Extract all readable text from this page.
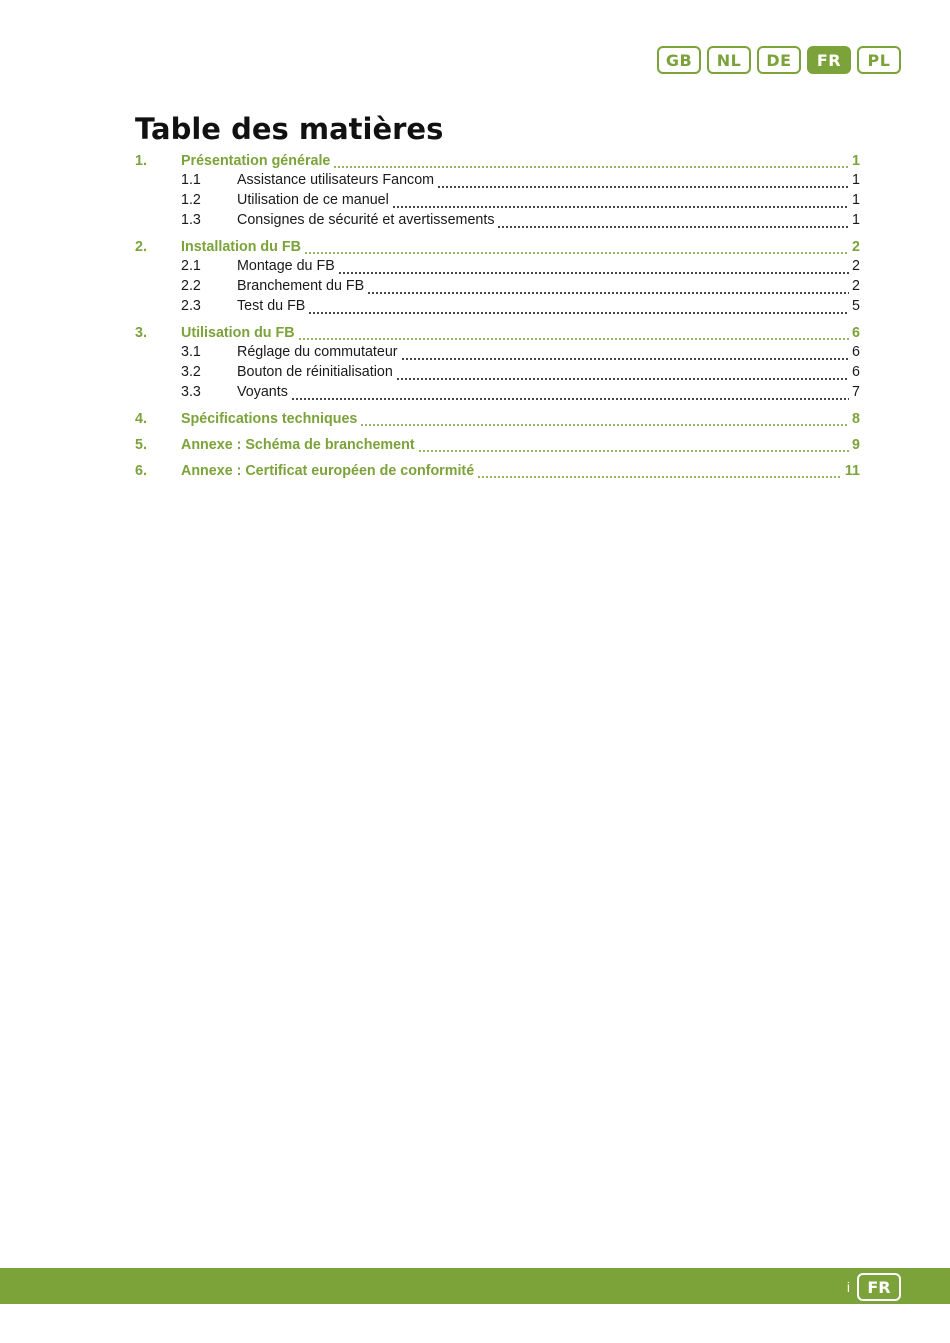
GB	NL	DE	FR	PL
Table des matières
1.	Présentation générale	1
1.1	Assistance utilisateurs Fancom	1
1.2	Utilisation de ce manuel	1
1.3	Consignes de sécurité et avertissements	1
2.	Installation du FB	2
2.1	Montage du FB	2
2.2	Branchement du FB	2
2.3	Test du FB	5
3.	Utilisation du FB	6
3.1	Réglage du commutateur	6
3.2	Bouton de réinitialisation	6
3.3	Voyants	7
4.	Spécifications techniques	8
5.	Annexe : Schéma de branchement	9
6.	Annexe : Certificat européen de conformité	11
i	FR
